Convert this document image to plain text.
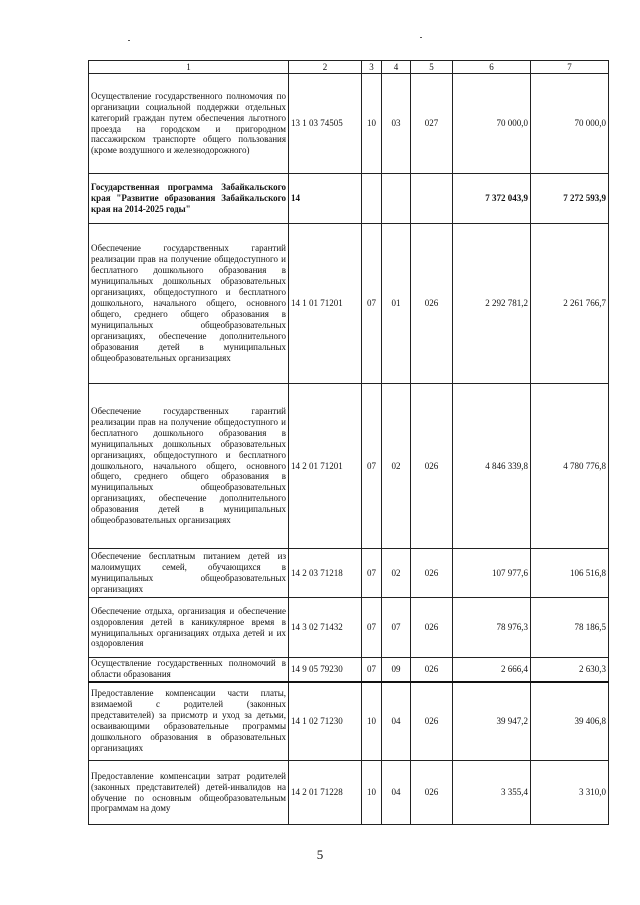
1	2	3	4	5	6	7
Осуществление государственного полномочия по организации социальной поддержки отдельных категорий граждан путем обеспечения льготного проезда на городском и пригородном пассажирском транспорте общего пользования (кроме воздушного и железнодорожного)	13 1 03 74505	10	03	027	70 000,0	70 000,0
Государственная программа Забайкальского края "Развитие образования Забайкальского края на 2014-2025 годы"	14				7 372 043,9	7 272 593,9
Обеспечение государственных гарантий реализации прав на получение общедоступного и бесплатного дошкольного образования в муниципальных дошкольных образовательных организациях, общедоступного и бесплатного дошкольного, начального общего, основного общего, среднего общего образования в муниципальных общеобразовательных организациях, обеспечение дополнительного образования детей в муниципальных общеобразовательных организациях	14 1 01 71201	07	01	026	2 292 781,2	2 261 766,7
Обеспечение государственных гарантий реализации прав на получение общедоступного и бесплатного дошкольного образования в муниципальных дошкольных образовательных организациях, общедоступного и бесплатного дошкольного, начального общего, основного общего, среднего общего образования в муниципальных общеобразовательных организациях, обеспечение дополнительного образования детей в муниципальных общеобразовательных организациях	14 2 01 71201	07	02	026	4 846 339,8	4 780 776,8
Обеспечение бесплатным питанием детей из малоимущих семей, обучающихся в муниципальных общеобразовательных организациях	14 2 03 71218	07	02	026	107 977,6	106 516,8
Обеспечение отдыха, организация и обеспечение оздоровления детей в каникулярное время в муниципальных организациях отдыха детей и их оздоровления	14 3 02 71432	07	07	026	78 976,3	78 186,5
Осуществление государственных полномочий в области образования	14 9 05 79230	07	09	026	2 666,4	2 630,3
Предоставление компенсации части платы, взимаемой с родителей (законных представителей) за присмотр и уход за детьми, осваивающими образовательные программы дошкольного образования в образовательных организациях	14 1 02 71230	10	04	026	39 947,2	39 406,8
Предоставление компенсации затрат родителей (законных представителей) детей-инвалидов на обучение по основным общеобразовательным программам на дому	14 2 01 71228	10	04	026	3 355,4	3 310,0
5
